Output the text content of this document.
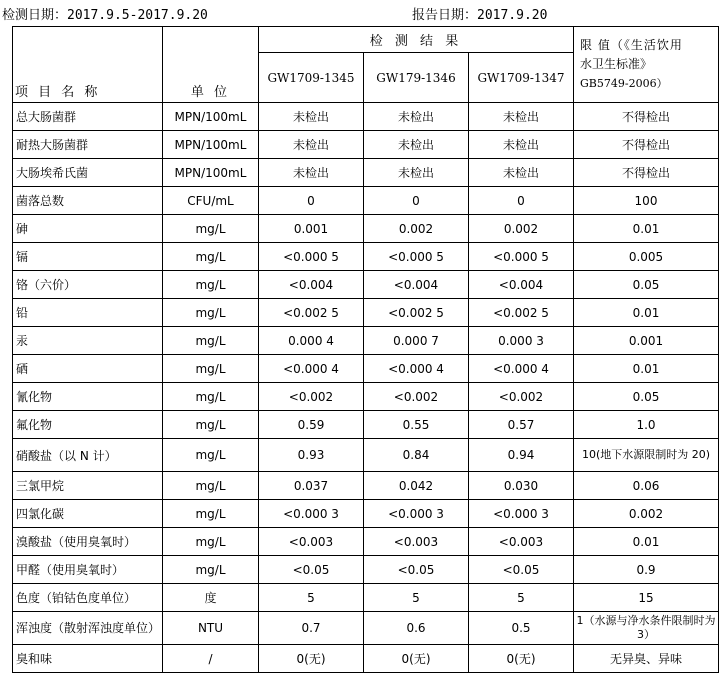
检测日期：2017.9.5-2017.9.20	报告日期：2017.9.20
项 目 名 称	单 位	检 测 结 果			限 值（《生活饮用
水卫生标准》
GB5749-2006）

		GW1709-1345	GW179-1346	GW1709-1347	
总大肠菌群	MPN/100mL	未检出	未检出	未检出	不得检出
耐热大肠菌群	MPN/100mL	未检出	未检出	未检出	不得检出
大肠埃希氏菌	MPN/100mL	未检出	未检出	未检出	不得检出
菌落总数	CFU/mL	0	0	0	100
砷	mg/L	0.001	0.002	0.002	0.01
镉	mg/L	<0.000 5	<0.000 5	<0.000 5	0.005
铬（六价）	mg/L	<0.004	<0.004	<0.004	0.05
铅	mg/L	<0.002 5	<0.002 5	<0.002 5	0.01
汞	mg/L	0.000 4	0.000 7	0.000 3	0.001
硒	mg/L	<0.000 4	<0.000 4	<0.000 4	0.01
氰化物	mg/L	<0.002	<0.002	<0.002	0.05
氟化物	mg/L	0.59	0.55	0.57	1.0
硝酸盐（以 N 计）	mg/L	0.93	0.84	0.94	10(地下水源限制时为 20)
三氯甲烷	mg/L	0.037	0.042	0.030	0.06
四氯化碳	mg/L	<0.000 3	<0.000 3	<0.000 3	0.002
溴酸盐（使用臭氧时）	mg/L	<0.003	<0.003	<0.003	0.01
甲醛（使用臭氧时）	mg/L	<0.05	<0.05	<0.05	0.9
色度（铂钴色度单位）	度	5	5	5	15
浑浊度（散射浑浊度单位）	NTU	0.7	0.6	0.5	1（水源与净水条件限制时为 3）
臭和味	/	0(无)	0(无)	0(无)	无异臭、异味
